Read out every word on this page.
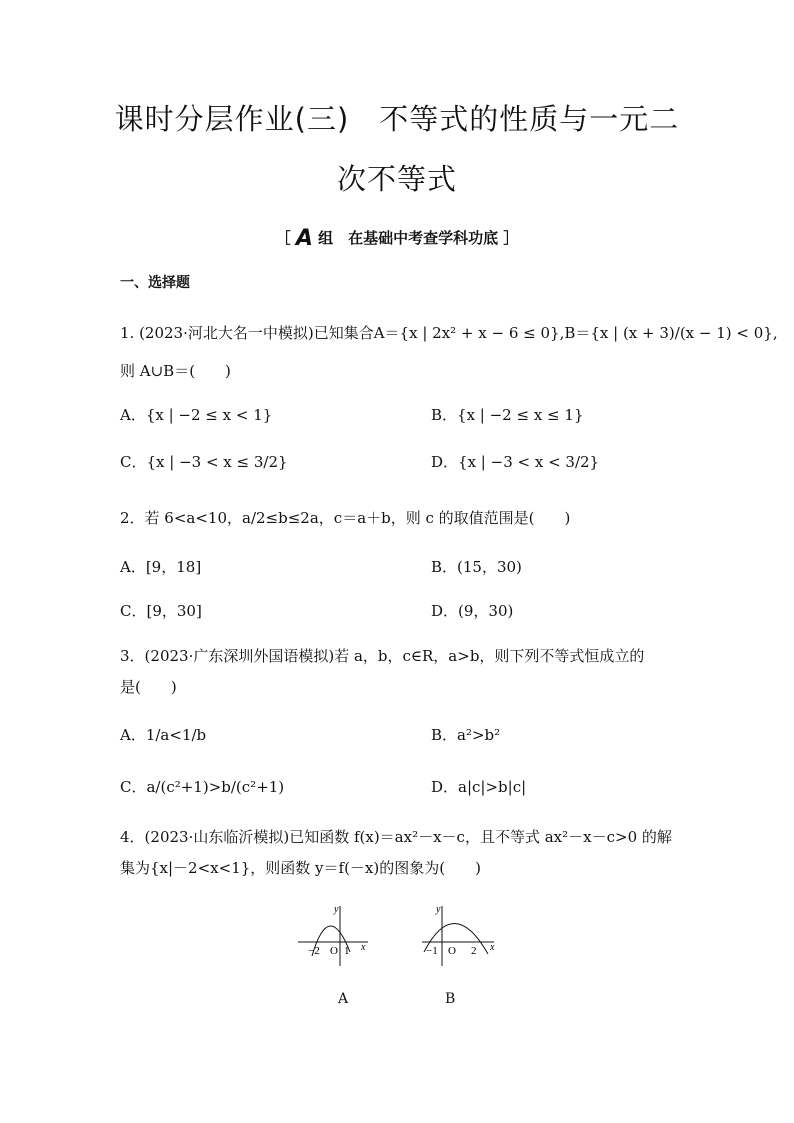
课时分层作业(三)　不等式的性质与一元二
次不等式
［ A 组　在基础中考查学科功底 ］
一、选择题
1. (2023·河北大名一中模拟)已知集合A＝{x | 2x² + x − 6 ≤ 0},B＝{x | (x + 3)/(x − 1) < 0},
则 A∪B＝(　　)
A．{x | −2 ≤ x < 1}	B．{x | −2 ≤ x ≤ 1}
C．{x | −3 < x ≤ 3/2}	D．{x | −3 < x < 3/2}
2．若 6<a<10，a/2≤b≤2a，c＝a＋b，则 c 的取值范围是(　　)
A．[9，18]	B．(15，30)
C．[9，30]	D．(9，30)
3．(2023·广东深圳外国语模拟)若 a，b，c∈R，a>b，则下列不等式恒成立的
是(　　)
A．1/a<1/b	B．a²>b²
C．a/(c²+1)>b/(c²+1)	D．a|c|>b|c|
4．(2023·山东临沂模拟)已知函数 f(x)＝ax²－x－c，且不等式 ax²－x－c>0 的解
集为{x|－2<x<1}，则函数 y＝f(－x)的图象为(　　)
y
x
−2 O 1
A
y
x
−1 O 2
B
